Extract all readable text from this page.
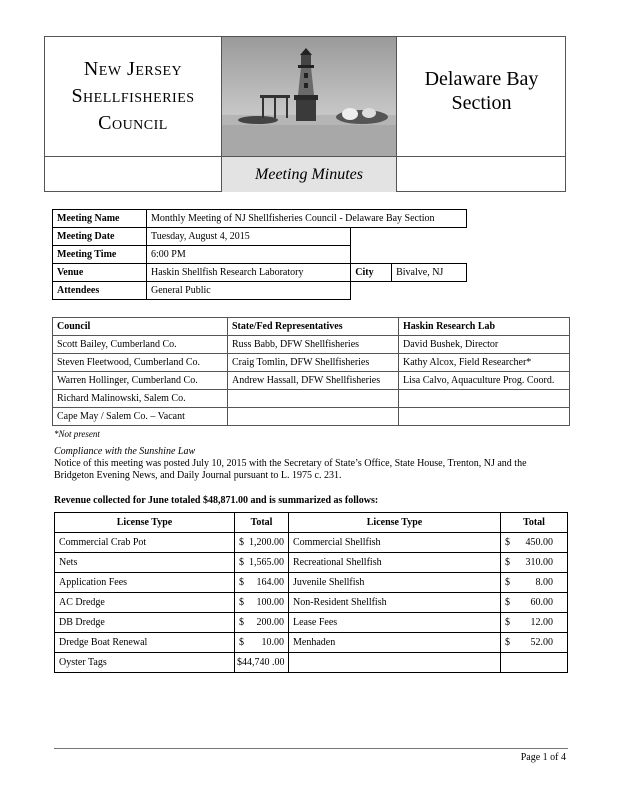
New Jersey
Shellfisheries
Council
Delaware Bay
Section
Meeting Minutes
Meeting Name	Monthly Meeting of NJ Shellfisheries Council - Delaware Bay Section		
Meeting Date	Tuesday, August 4, 2015		
Meeting Time	6:00 PM		
Venue	Haskin Shellfish Research Laboratory	City	Bivalve, NJ
Attendees	General Public		
Council	State/Fed Representatives	Haskin Research Lab
Scott Bailey, Cumberland Co.	Russ Babb, DFW Shellfisheries	David Bushek, Director
Steven Fleetwood, Cumberland Co.	Craig Tomlin, DFW Shellfisheries	Kathy Alcox, Field Researcher*
Warren Hollinger, Cumberland Co.	Andrew Hassall, DFW Shellfisheries	Lisa Calvo, Aquaculture Prog. Coord.
Richard Malinowski, Salem Co.		
Cape May / Salem Co. – Vacant		
*Not present
Compliance with the Sunshine Law
Notice of this meeting was posted July 10, 2015 with the Secretary of State’s Office, State House, Trenton, NJ and the Bridgeton Evening News, and Daily Journal pursuant to L. 1975 c. 231.
Revenue collected for June totaled $48,871.00 and is summarized as follows:
License Type	Total	License Type	Total
Commercial Crab Pot	$ 1,200.00	Commercial Shellfish	$ 450.00

Nets	$ 1,565.00	Recreational Shellfish	$ 310.00

Application Fees	$ 164.00	Juvenile Shellfish	$ 8.00

AC Dredge	$ 100.00	Non-Resident Shellfish	$ 60.00

DB Dredge	$ 200.00	Lease Fees	$ 12.00

Dredge Boat Renewal	$ 10.00	Menhaden	$ 52.00

Oyster Tags	$44,740 .00		
Page 1 of 4
